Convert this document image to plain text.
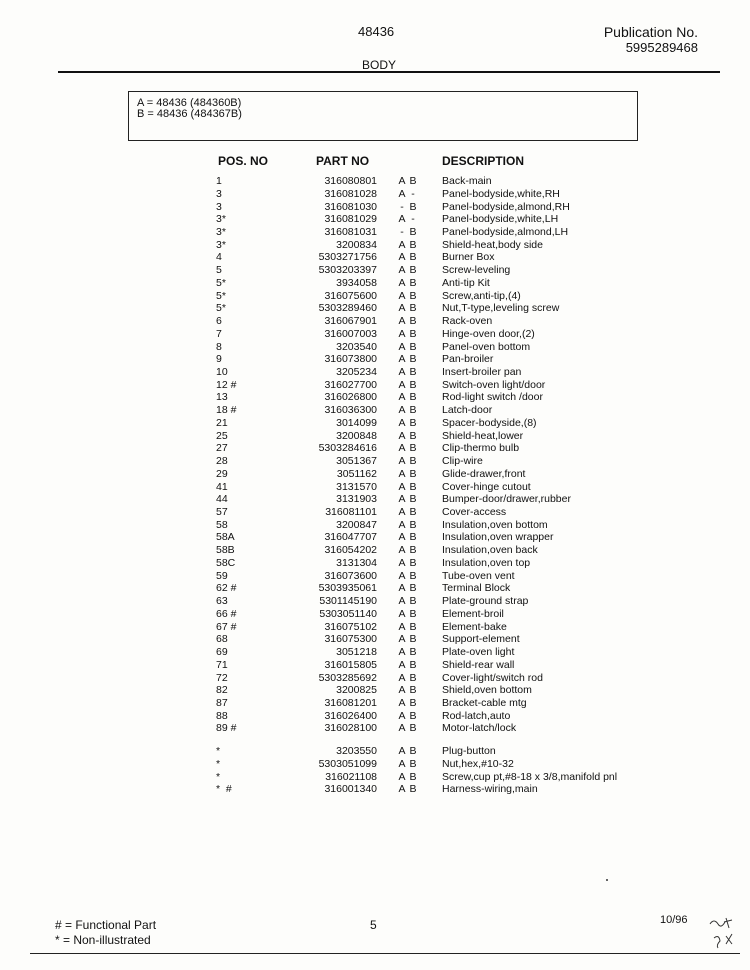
48436	Publication No.
5995289468
BODY
A = 48436 (484360B)
B = 48436 (484367B)
POS. NO	PART NO	DESCRIPTION
1	316080801 A B Back-main
3	316081028 A -	Panel-bodyside,white,RH
3	316081030 - B Panel-bodyside,almond,RH
3*	316081029 A -	Panel-bodyside,white,LH
3*	316081031 - B Panel-bodyside,almond,LH
3*	3200834 A B Shield-heat,body side
4	5303271756 A B Burner Box
5	5303203397 A B Screw-leveling
5*	3934058 A B Anti-tip Kit
5*	316075600 A B Screw,anti-tip,(4)
5*	5303289460 A B Nut,T-type,leveling screw
6	316067901 A B Rack-oven
7	316007003 A B Hinge-oven door,(2)
8	3203540 A B Panel-oven bottom
9	316073800 A B Pan-broiler
10	3205234 A B Insert-broiler pan
12 #	316027700 A B Switch-oven light/door
13	316026800 A B Rod-light switch /door
18 #	316036300 A B Latch-door
21	3014099 A B Spacer-bodyside,(8)
25	3200848 A B Shield-heat,lower
27	5303284616 A B Clip-thermo bulb
28	3051367 A B Clip-wire
29	3051162 A B Glide-drawer,front
41	3131570 A B Cover-hinge cutout
44	3131903 A B Bumper-door/drawer,rubber
57	316081101 A B Cover-access
58	3200847 A B Insulation,oven bottom
58A	316047707 A B Insulation,oven wrapper
58B	316054202 A B Insulation,oven back
58C	3131304 A B Insulation,oven top
59	316073600 A B Tube-oven vent
62 #	5303935061 A B Terminal Block
63	5301145190 A B Plate-ground strap
66 #	5303051140 A B Element-broil
67 #	316075102 A B Element-bake
68	316075300 A B Support-element
69	3051218 A B Plate-oven light
71	316015805 A B Shield-rear wall
72	5303285692 A B Cover-light/switch rod
82	3200825 A B Shield,oven bottom
87	316081201 A B Bracket-cable mtg
88	316026400 A B Rod-latch,auto
89 #	316028100 A B Motor-latch/lock
*	3203550 A B Plug-button
*	5303051099 A B Nut,hex,#10-32
*	316021108 A B Screw,cup pt,#8-18 x 3/8,manifold pnl
*  #	316001340 A B Harness-wiring,main
# = Functional Part
* = Non-illustrated
5	10/96
